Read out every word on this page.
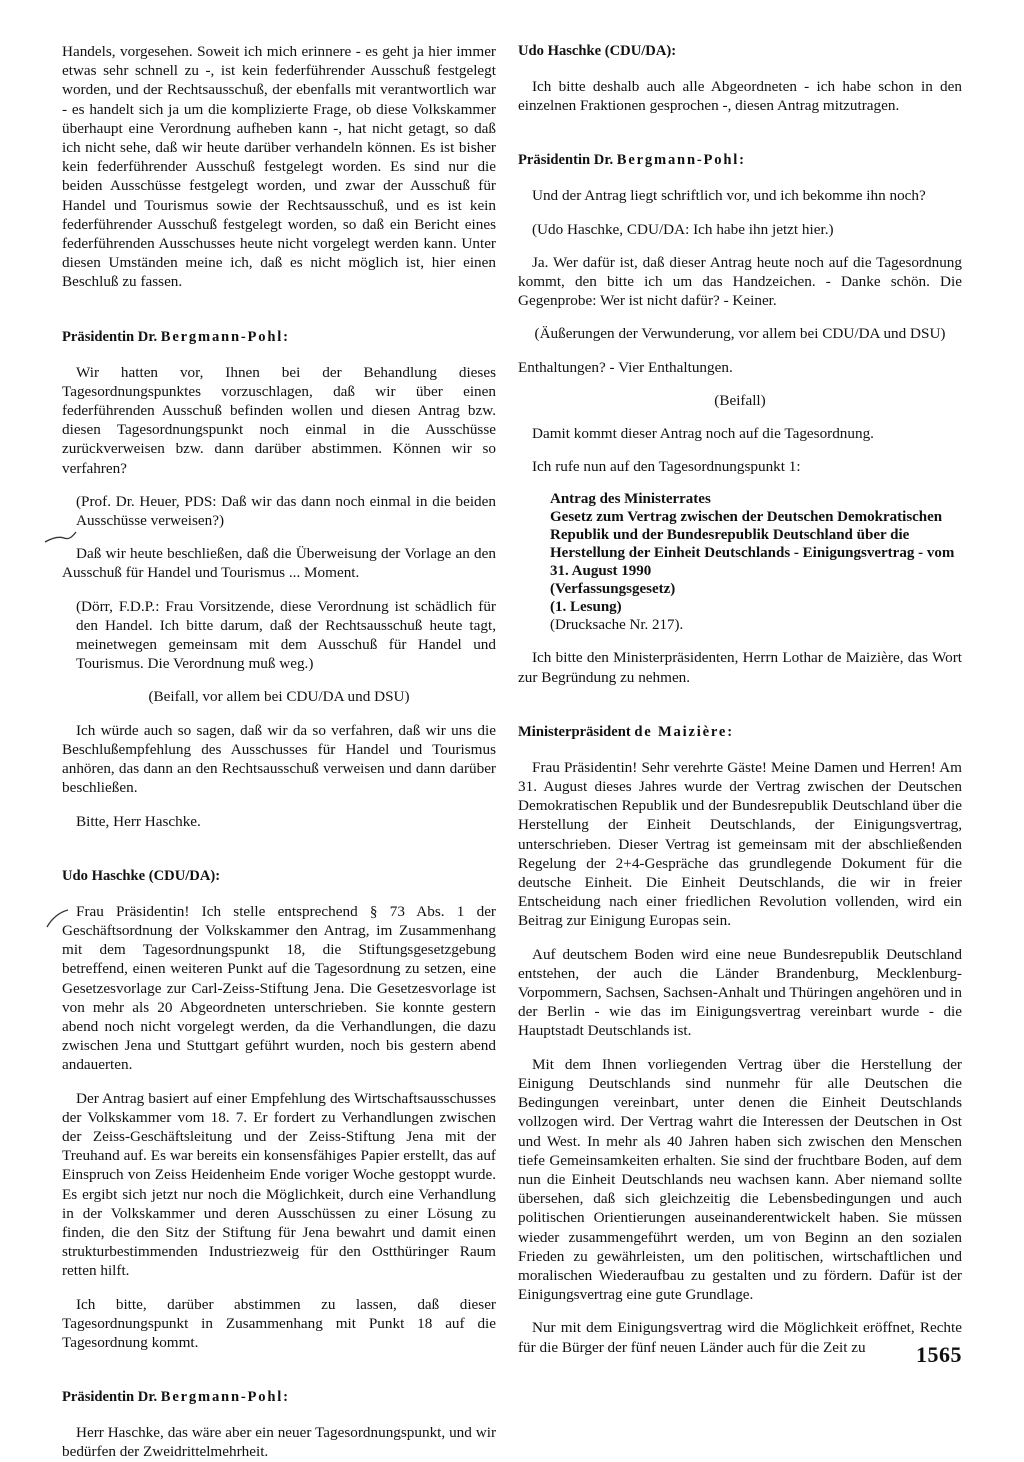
Handels, vorgesehen. Soweit ich mich erinnere - es geht ja hier immer etwas sehr schnell zu -, ist kein federführender Ausschuß festgelegt worden, und der Rechtsausschuß, der ebenfalls mit verantwortlich war - es handelt sich ja um die komplizierte Frage, ob diese Volkskammer überhaupt eine Verordnung aufheben kann -, hat nicht getagt, so daß ich nicht sehe, daß wir heute darüber verhandeln können. Es ist bisher kein federführender Ausschuß festgelegt worden. Es sind nur die beiden Ausschüsse festgelegt worden, und zwar der Ausschuß für Handel und Tourismus sowie der Rechtsausschuß, und es ist kein federführender Ausschuß festgelegt worden, so daß ein Bericht eines federführenden Ausschusses heute nicht vorgelegt werden kann. Unter diesen Umständen meine ich, daß es nicht möglich ist, hier einen Beschluß zu fassen.

Präsidentin Dr. Bergmann-Pohl:

Wir hatten vor, Ihnen bei der Behandlung dieses Tagesordnungspunktes vorzuschlagen, daß wir über einen federführenden Ausschuß befinden wollen und diesen Antrag bzw. diesen Tagesordnungspunkt noch einmal in die Ausschüsse zurückverweisen bzw. dann darüber abstimmen. Können wir so verfahren?

(Prof. Dr. Heuer, PDS: Daß wir das dann noch einmal in die beiden Ausschüsse verweisen?)

Daß wir heute beschließen, daß die Überweisung der Vorlage an den Ausschuß für Handel und Tourismus ... Moment.

(Dörr, F.D.P.: Frau Vorsitzende, diese Verordnung ist schädlich für den Handel. Ich bitte darum, daß der Rechtsausschuß heute tagt, meinetwegen gemeinsam mit dem Ausschuß für Handel und Tourismus. Die Verordnung muß weg.)

(Beifall, vor allem bei CDU/DA und DSU)

Ich würde auch so sagen, daß wir da so verfahren, daß wir uns die Beschlußempfehlung des Ausschusses für Handel und Tourismus anhören, das dann an den Rechtsausschuß verweisen und dann darüber beschließen.

Bitte, Herr Haschke.

Udo Haschke (CDU/DA):

Frau Präsidentin! Ich stelle entsprechend § 73 Abs. 1 der Geschäftsordnung der Volkskammer den Antrag, im Zusammenhang mit dem Tagesordnungspunkt 18, die Stiftungsgesetzgebung betreffend, einen weiteren Punkt auf die Tagesordnung zu setzen, eine Gesetzesvorlage zur Carl-Zeiss-Stiftung Jena. Die Gesetzesvorlage ist von mehr als 20 Abgeordneten unterschrieben. Sie konnte gestern abend noch nicht vorgelegt werden, da die Verhandlungen, die dazu zwischen Jena und Stuttgart geführt wurden, noch bis gestern abend andauerten.

Der Antrag basiert auf einer Empfehlung des Wirtschaftsausschusses der Volkskammer vom 18. 7. Er fordert zu Verhandlungen zwischen der Zeiss-Geschäftsleitung und der Zeiss-Stiftung Jena mit der Treuhand auf. Es war bereits ein konsensfähiges Papier erstellt, das auf Einspruch von Zeiss Heidenheim Ende voriger Woche gestoppt wurde. Es ergibt sich jetzt nur noch die Möglichkeit, durch eine Verhandlung in der Volkskammer und deren Ausschüssen zu einer Lösung zu finden, die den Sitz der Stiftung für Jena bewahrt und damit einen strukturbestimmenden Industriezweig für den Ostthüringer Raum retten hilft.

Ich bitte, darüber abstimmen zu lassen, daß dieser Tagesordnungspunkt in Zusammenhang mit Punkt 18 auf die Tagesordnung kommt.

Präsidentin Dr. Bergmann-Pohl:

Herr Haschke, das wäre aber ein neuer Tagesordnungspunkt, und wir bedürfen der Zweidrittelmehrheit.

Udo Haschke (CDU/DA):

Ich bitte deshalb auch alle Abgeordneten - ich habe schon in den einzelnen Fraktionen gesprochen -, diesen Antrag mitzutragen.

Präsidentin Dr. Bergmann-Pohl:

Und der Antrag liegt schriftlich vor, und ich bekomme ihn noch?

(Udo Haschke, CDU/DA: Ich habe ihn jetzt hier.)

Ja. Wer dafür ist, daß dieser Antrag heute noch auf die Tagesordnung kommt, den bitte ich um das Handzeichen. - Danke schön. Die Gegenprobe: Wer ist nicht dafür? - Keiner.

(Äußerungen der Verwunderung, vor allem bei CDU/DA und DSU)

Enthaltungen? - Vier Enthaltungen.

(Beifall)

Damit kommt dieser Antrag noch auf die Tagesordnung.

Ich rufe nun auf den Tagesordnungspunkt 1:

Antrag des Ministerrates
Gesetz zum Vertrag zwischen der Deutschen Demokratischen Republik und der Bundesrepublik Deutschland über die Herstellung der Einheit Deutschlands - Einigungsvertrag - vom 31. August 1990
(Verfassungsgesetz)
(1. Lesung)
(Drucksache Nr. 217).

Ich bitte den Ministerpräsidenten, Herrn Lothar de Maizière, das Wort zur Begründung zu nehmen.

Ministerpräsident de Maizière:

Frau Präsidentin! Sehr verehrte Gäste! Meine Damen und Herren! Am 31. August dieses Jahres wurde der Vertrag zwischen der Deutschen Demokratischen Republik und der Bundesrepublik Deutschland über die Herstellung der Einheit Deutschlands, der Einigungsvertrag, unterschrieben. Dieser Vertrag ist gemeinsam mit der abschließenden Regelung der 2+4-Gespräche das grundlegende Dokument für die deutsche Einheit. Die Einheit Deutschlands, die wir in freier Entscheidung nach einer friedlichen Revolution vollenden, wird ein Beitrag zur Einigung Europas sein.

Auf deutschem Boden wird eine neue Bundesrepublik Deutschland entstehen, der auch die Länder Brandenburg, Mecklenburg-Vorpommern, Sachsen, Sachsen-Anhalt und Thüringen angehören und in der Berlin - wie das im Einigungsvertrag vereinbart wurde - die Hauptstadt Deutschlands ist.

Mit dem Ihnen vorliegenden Vertrag über die Herstellung der Einigung Deutschlands sind nunmehr für alle Deutschen die Bedingungen vereinbart, unter denen die Einheit Deutschlands vollzogen wird. Der Vertrag wahrt die Interessen der Deutschen in Ost und West. In mehr als 40 Jahren haben sich zwischen den Menschen tiefe Gemeinsamkeiten erhalten. Sie sind der fruchtbare Boden, auf dem nun die Einheit Deutschlands neu wachsen kann. Aber niemand sollte übersehen, daß sich gleichzeitig die Lebensbedingungen und auch politischen Orientierungen auseinanderentwickelt haben. Sie müssen wieder zusammengeführt werden, um von Beginn an den sozialen Frieden zu gewährleisten, um den politischen, wirtschaftlichen und moralischen Wiederaufbau zu gestalten und zu fördern. Dafür ist der Einigungsvertrag eine gute Grundlage.

Nur mit dem Einigungsvertrag wird die Möglichkeit eröffnet, Rechte für die Bürger der fünf neuen Länder auch für die Zeit zu	1565
